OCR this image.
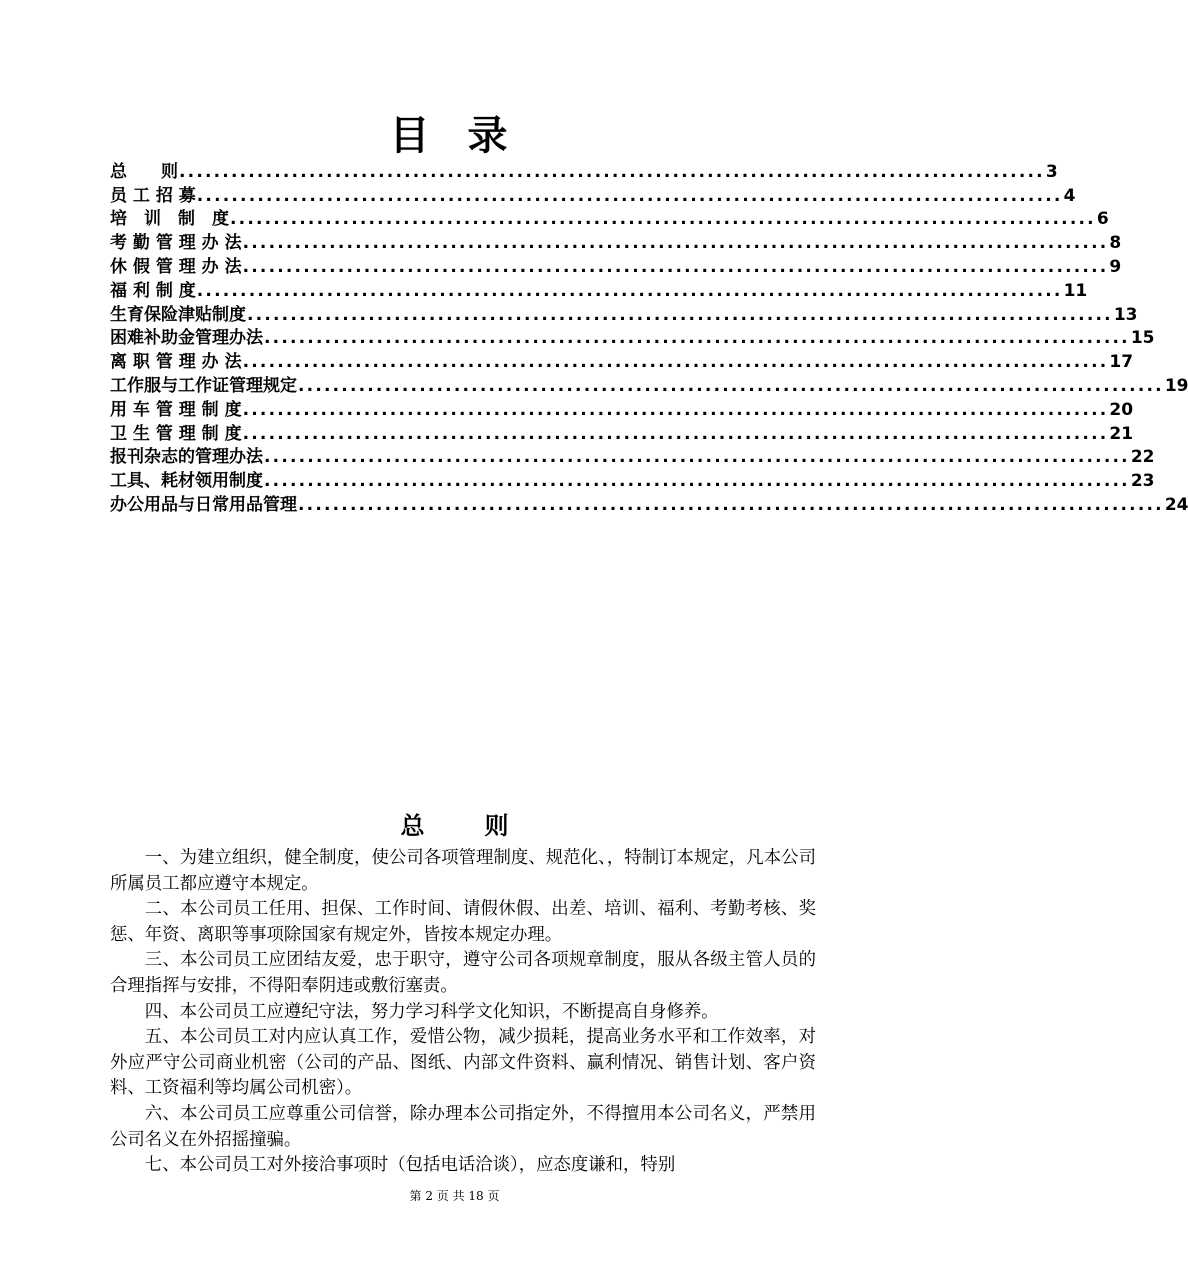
目 录
总　　则 .................................................................................................... 3
员 工 招 募 .................................................................................................... 4
培　训　制　度 .................................................................................................... 6
考 勤 管 理 办 法 .................................................................................................... 8
休 假 管 理 办 法 .................................................................................................... 9
福 利 制 度 .................................................................................................... 11
生育保险津贴制度 .................................................................................................... 13
困难补助金管理办法 .................................................................................................... 15
离 职 管 理 办 法 .................................................................................................... 17
工作服与工作证管理规定 .................................................................................................... 19
用 车 管 理 制 度 .................................................................................................... 20
卫 生 管 理 制 度 .................................................................................................... 21
报刊杂志的管理办法 .................................................................................................... 22
工具、耗材领用制度 .................................................................................................... 23
办公用品与日常用品管理 .................................................................................................... 24
总则

一、为建立组织，健全制度，使公司各项管理制度、规范化、，特制订本规定，凡本公司所属员工都应遵守本规定。

二、本公司员工任用、担保、工作时间、请假休假、出差、培训、福利、考勤考核、奖惩、年资、离职等事项除国家有规定外，皆按本规定办理。

三、本公司员工应团结友爱，忠于职守，遵守公司各项规章制度，服从各级主管人员的合理指挥与安排，不得阳奉阴违或敷衍塞责。

四、本公司员工应遵纪守法，努力学习科学文化知识，不断提高自身修养。

五、本公司员工对内应认真工作，爱惜公物，减少损耗，提高业务水平和工作效率，对外应严守公司商业机密（公司的产品、图纸、内部文件资料、赢利情况、销售计划、客户资料、工资福利等均属公司机密）。

六、本公司员工应尊重公司信誉，除办理本公司指定外，不得擅用本公司名义，严禁用公司名义在外招摇撞骗。

七、本公司员工对外接洽事项时（包括电话洽谈），应态度谦和，特别

第 2 页 共 18 页
